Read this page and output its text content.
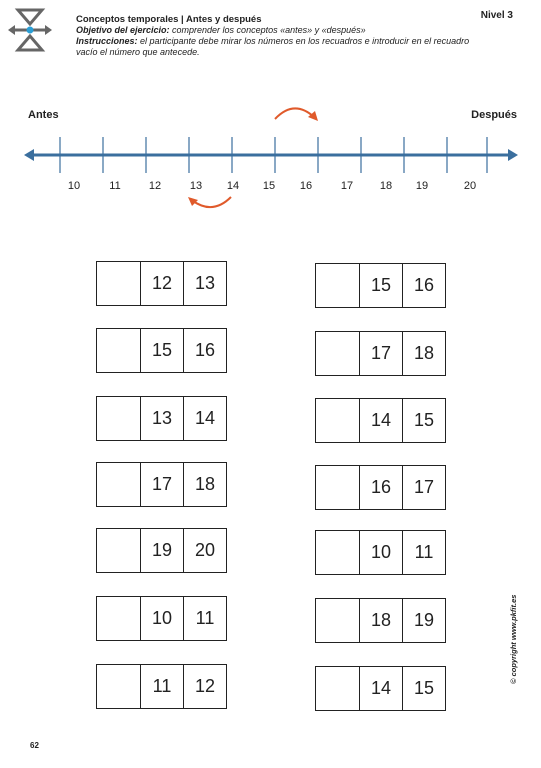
Conceptos temporales | Antes y después
Objetivo del ejercicio: comprender los conceptos «antes» y «después»
Instrucciones: el participante debe mirar los números en los recuadros e introducir en el recuadro vacío el número que antecede.
Nivel 3
Antes	Después
10	11	12	13 14 15 16	17 18 19	20
12	13
15	16
13	14
17	18
19	20
10	11
11	12
15	16
17	18
14	15
16	17
10	11
18	19
14	15
© copyright www.pkfit.es
62
